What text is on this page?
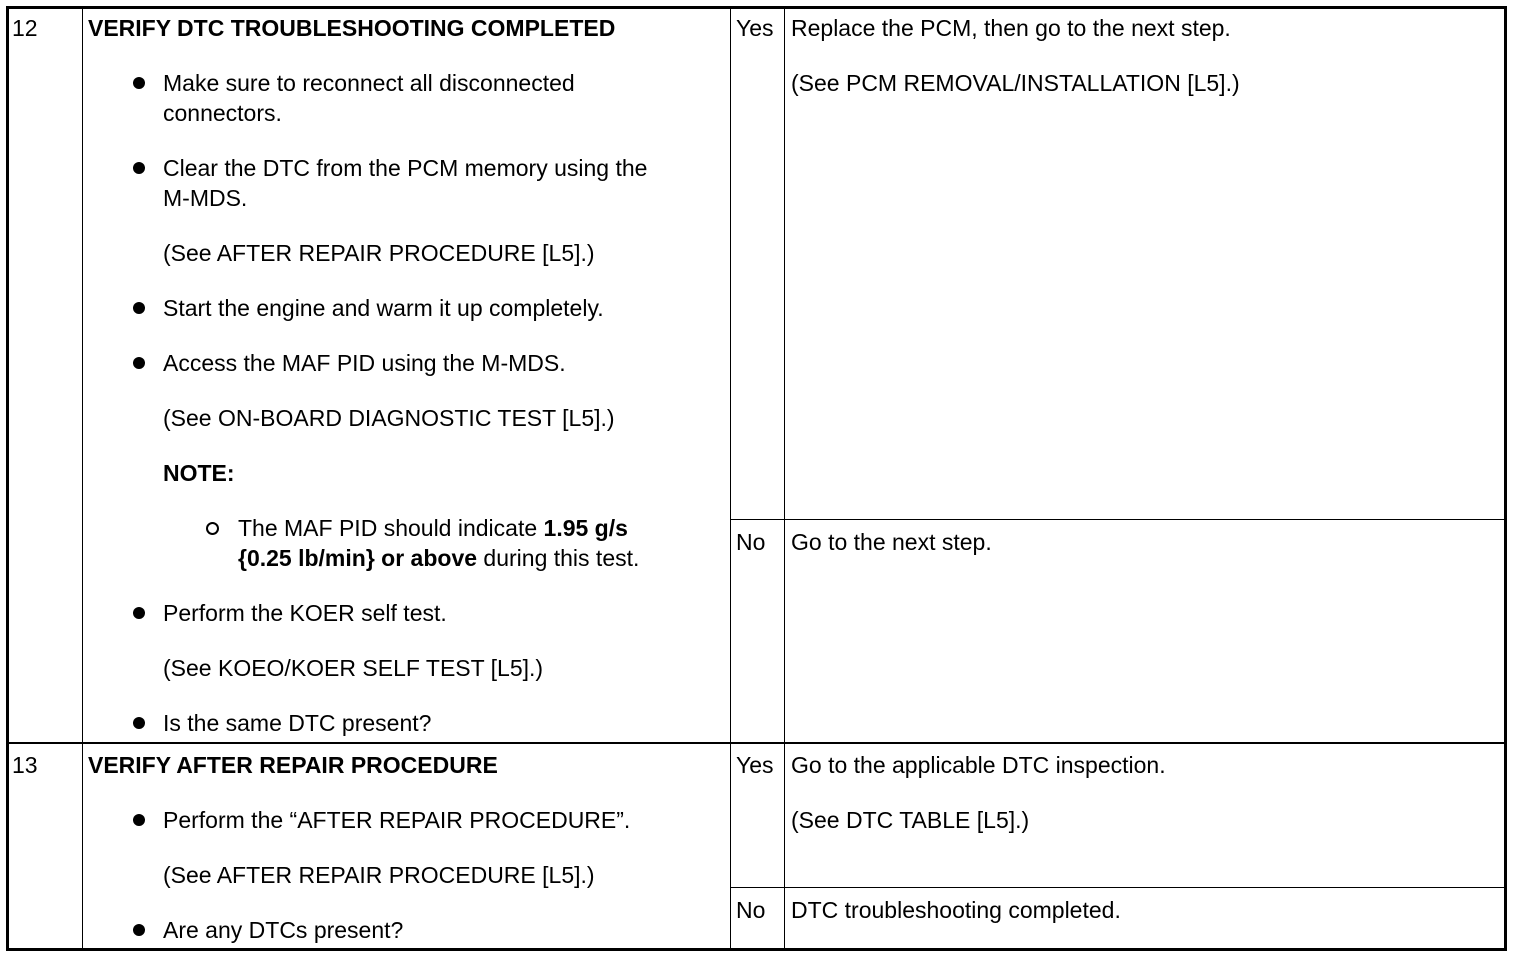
12 VERIFY DTC TROUBLESHOOTING COMPLETED
Make sure to reconnect all disconnected
connectors.
Clear the DTC from the PCM memory using the
M-MDS.
(See AFTER REPAIR PROCEDURE [L5].)
Start the engine and warm it up completely.
Access the MAF PID using the M-MDS.
(See ON-BOARD DIAGNOSTIC TEST [L5].)
NOTE:
The MAF PID should indicate 1.95 g/s
{0.25 lb/min} or above during this test.
Perform the KOER self test.
(See KOEO/KOER SELF TEST [L5].)
Is the same DTC present?
Yes Replace the PCM, then go to the next step.
(See PCM REMOVAL/INSTALLATION [L5].)
No Go to the next step.
13 VERIFY AFTER REPAIR PROCEDURE
Perform the “AFTER REPAIR PROCEDURE”.
(See AFTER REPAIR PROCEDURE [L5].)
Are any DTCs present?
Yes Go to the applicable DTC inspection.
(See DTC TABLE [L5].)
No DTC troubleshooting completed.
